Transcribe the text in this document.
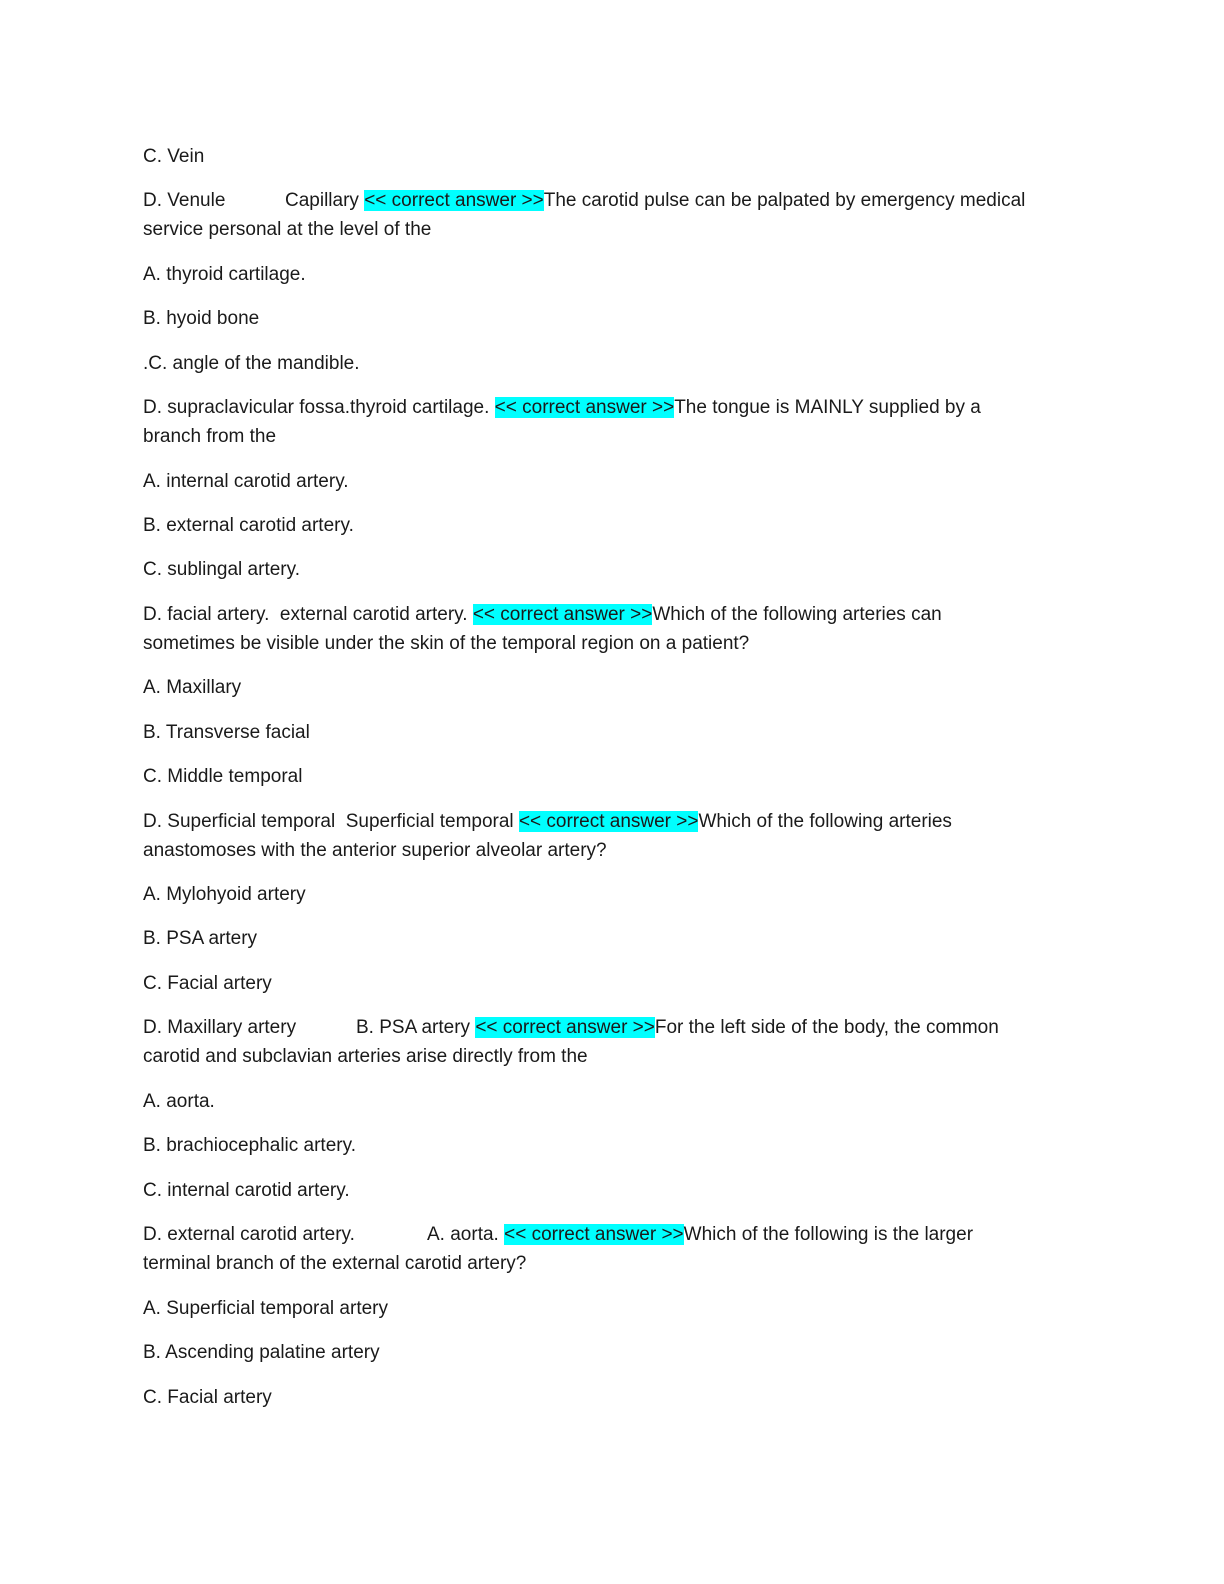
C. Vein
D. Venule	Capillary << correct answer >>The carotid pulse can be palpated by emergency medical
service personal at the level of the
A. thyroid cartilage.
B. hyoid bone
.C. angle of the mandible.
D. supraclavicular fossa.thyroid cartilage. << correct answer >>The tongue is MAINLY supplied by a
branch from the
A. internal carotid artery.
B. external carotid artery.
C. sublingal artery.
D. facial artery.  external carotid artery. << correct answer >>Which of the following arteries can
sometimes be visible under the skin of the temporal region on a patient?
A. Maxillary
B. Transverse facial
C. Middle temporal
D. Superficial temporal  Superficial temporal << correct answer >>Which of the following arteries
anastomoses with the anterior superior alveolar artery?
A. Mylohyoid artery
B. PSA artery
C. Facial artery
D. Maxillary artery	B. PSA artery << correct answer >>For the left side of the body, the common
carotid and subclavian arteries arise directly from the
A. aorta.
B. brachiocephalic artery.
C. internal carotid artery.
D. external carotid artery.	A. aorta. << correct answer >>Which of the following is the larger
terminal branch of the external carotid artery?
A. Superficial temporal artery
B. Ascending palatine artery
C. Facial artery
